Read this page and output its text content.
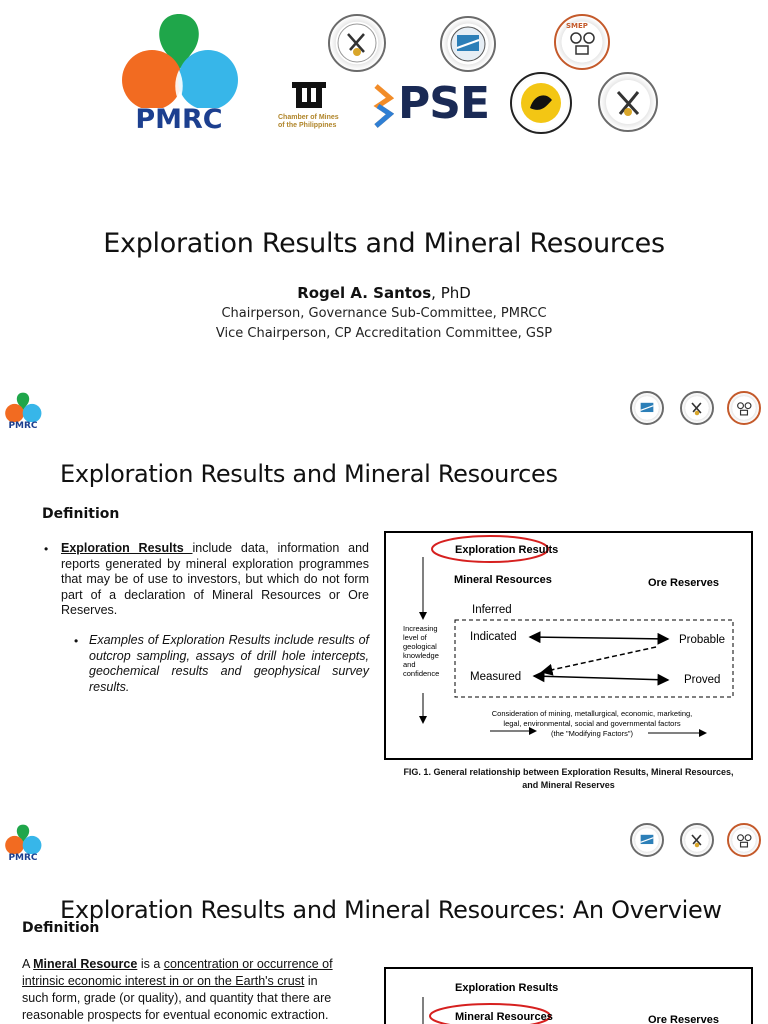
PMRC
SMEP
Chamber of Mines
of the Philippines PSE
Exploration Results and Mineral Resources
Rogel A. Santos, PhD
Chairperson, Governance Sub-Committee, PMRCC
Vice Chairperson, CP Accreditation Committee, GSP
PMRC
Exploration Results and Mineral Resources
Definition
• Exploration Results include data, information and reports generated by mineral exploration programmes that may be of use to investors, but which do not form part of a declaration of Mineral Resources or Ore Reserves.
• Examples of Exploration Results include results of outcrop sampling, assays of drill hole intercepts, geochemical results and geophysical survey results.
Exploration Results
Mineral Resources	Ore Reserves
Inferred
Indicated	Probable
Measured	Proved
Increasing
level of
geological
knowledge
and
confidence
Consideration of mining, metallurgical, economic, marketing,
legal, environmental, social and governmental factors
(the "Modifying Factors")
FIG. 1. General relationship between Exploration Results, Mineral Resources,
and Mineral Reserves
PMRC
Exploration Results and Mineral Resources: An Overview
Definition
A Mineral Resource is a concentration or occurrence of
intrinsic economic interest in or on the Earth's crust in
such form, grade (or quality), and quantity that there are
reasonable prospects for eventual economic extraction.
Exploration Results
Mineral Resources	Ore Reserves
